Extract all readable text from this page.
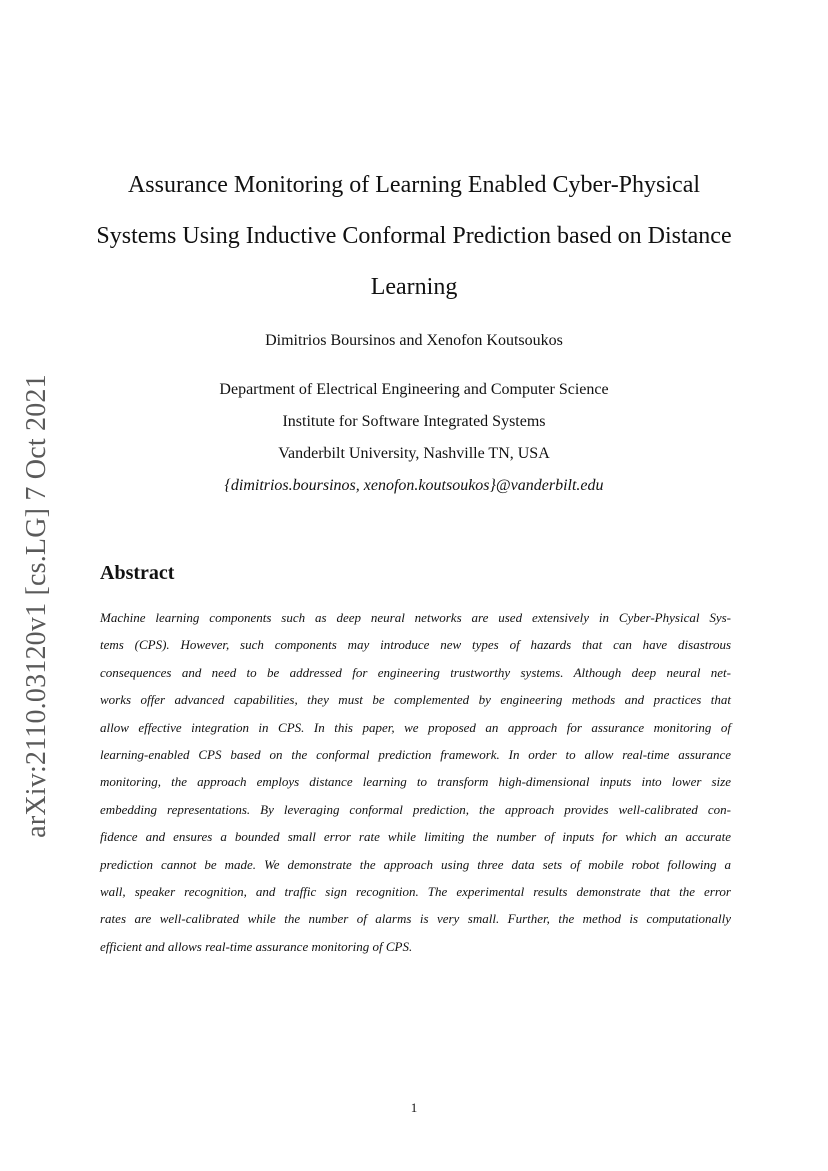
arXiv:2110.03120v1 [cs.LG] 7 Oct 2021
Assurance Monitoring of Learning Enabled Cyber-Physical
Systems Using Inductive Conformal Prediction based on Distance
Learning
Dimitrios Boursinos and Xenofon Koutsoukos
Department of Electrical Engineering and Computer Science
Institute for Software Integrated Systems
Vanderbilt University, Nashville TN, USA
{dimitrios.boursinos, xenofon.koutsoukos}@vanderbilt.edu
Abstract
Machine learning components such as deep neural networks are used extensively in Cyber-Physical Sys-
tems (CPS). However, such components may introduce new types of hazards that can have disastrous
consequences and need to be addressed for engineering trustworthy systems. Although deep neural net-
works offer advanced capabilities, they must be complemented by engineering methods and practices that
allow effective integration in CPS. In this paper, we proposed an approach for assurance monitoring of
learning-enabled CPS based on the conformal prediction framework. In order to allow real-time assurance
monitoring, the approach employs distance learning to transform high-dimensional inputs into lower size
embedding representations. By leveraging conformal prediction, the approach provides well-calibrated con-
fidence and ensures a bounded small error rate while limiting the number of inputs for which an accurate
prediction cannot be made. We demonstrate the approach using three data sets of mobile robot following a
wall, speaker recognition, and traffic sign recognition. The experimental results demonstrate that the error
rates are well-calibrated while the number of alarms is very small. Further, the method is computationally
efficient and allows real-time assurance monitoring of CPS.
1
